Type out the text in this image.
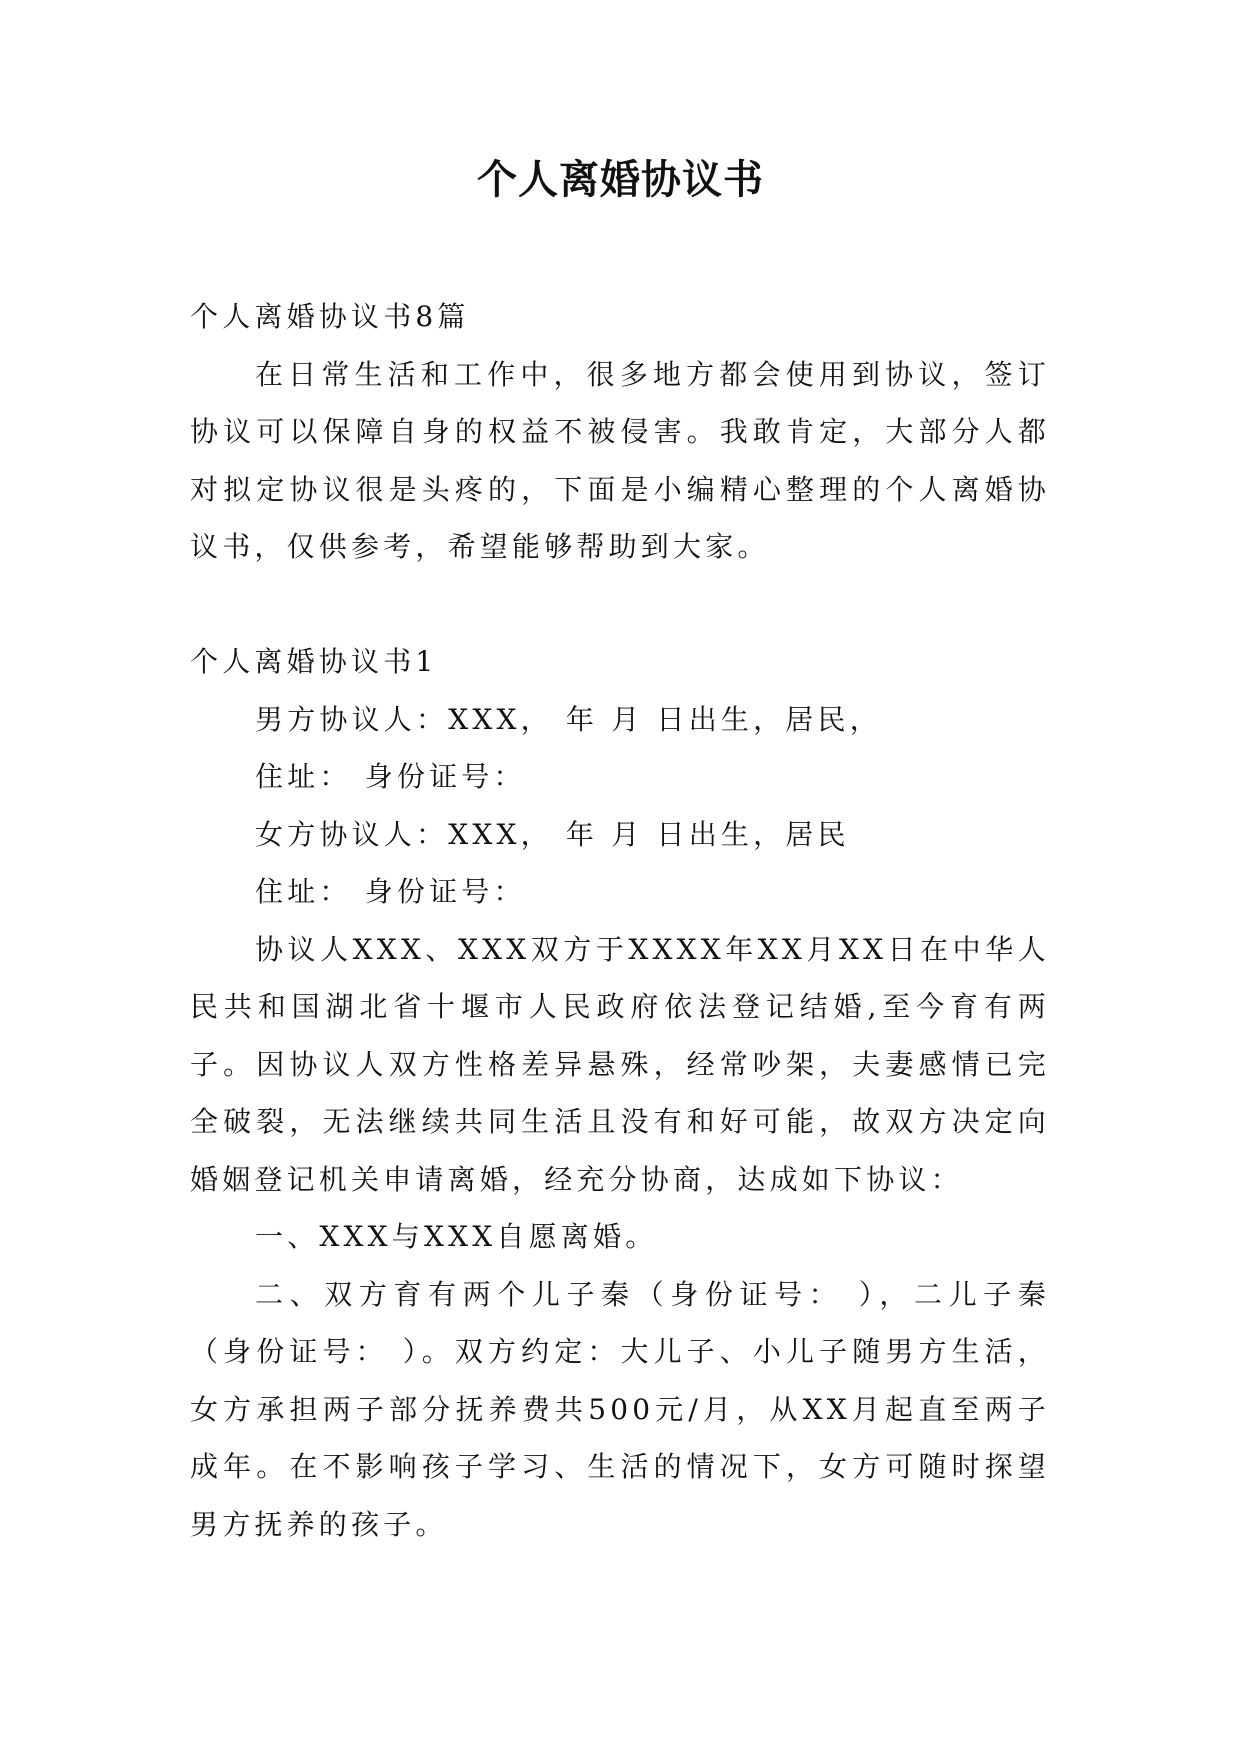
个人离婚协议书

个人离婚协议书8篇

在日常生活和工作中，很多地方都会使用到协议，签订协议可以保障自身的权益不被侵害。我敢肯定，大部分人都对拟定协议很是头疼的，下面是小编精心整理的个人离婚协议书，仅供参考，希望能够帮助到大家。

个人离婚协议书1

男方协议人：XXX， 年 月 日出生，居民，

住址： 身份证号：

女方协议人：XXX， 年 月 日出生，居民

住址： 身份证号：

协议人XXX、XXX双方于XXXX年XX月XX日在中华人民共和国湖北省十堰市人民政府依法登记结婚,至今育有两子。因协议人双方性格差异悬殊，经常吵架，夫妻感情已完全破裂，无法继续共同生活且没有和好可能，故双方决定向婚姻登记机关申请离婚，经充分协商，达成如下协议：

一、XXX与XXX自愿离婚。

二、双方育有两个儿子秦（身份证号： ），二儿子秦（身份证号： ）。双方约定：大儿子、小儿子随男方生活，女方承担两子部分抚养费共500元/月，从XX月起直至两子成年。在不影响孩子学习、生活的情况下，女方可随时探望男方抚养的孩子。
